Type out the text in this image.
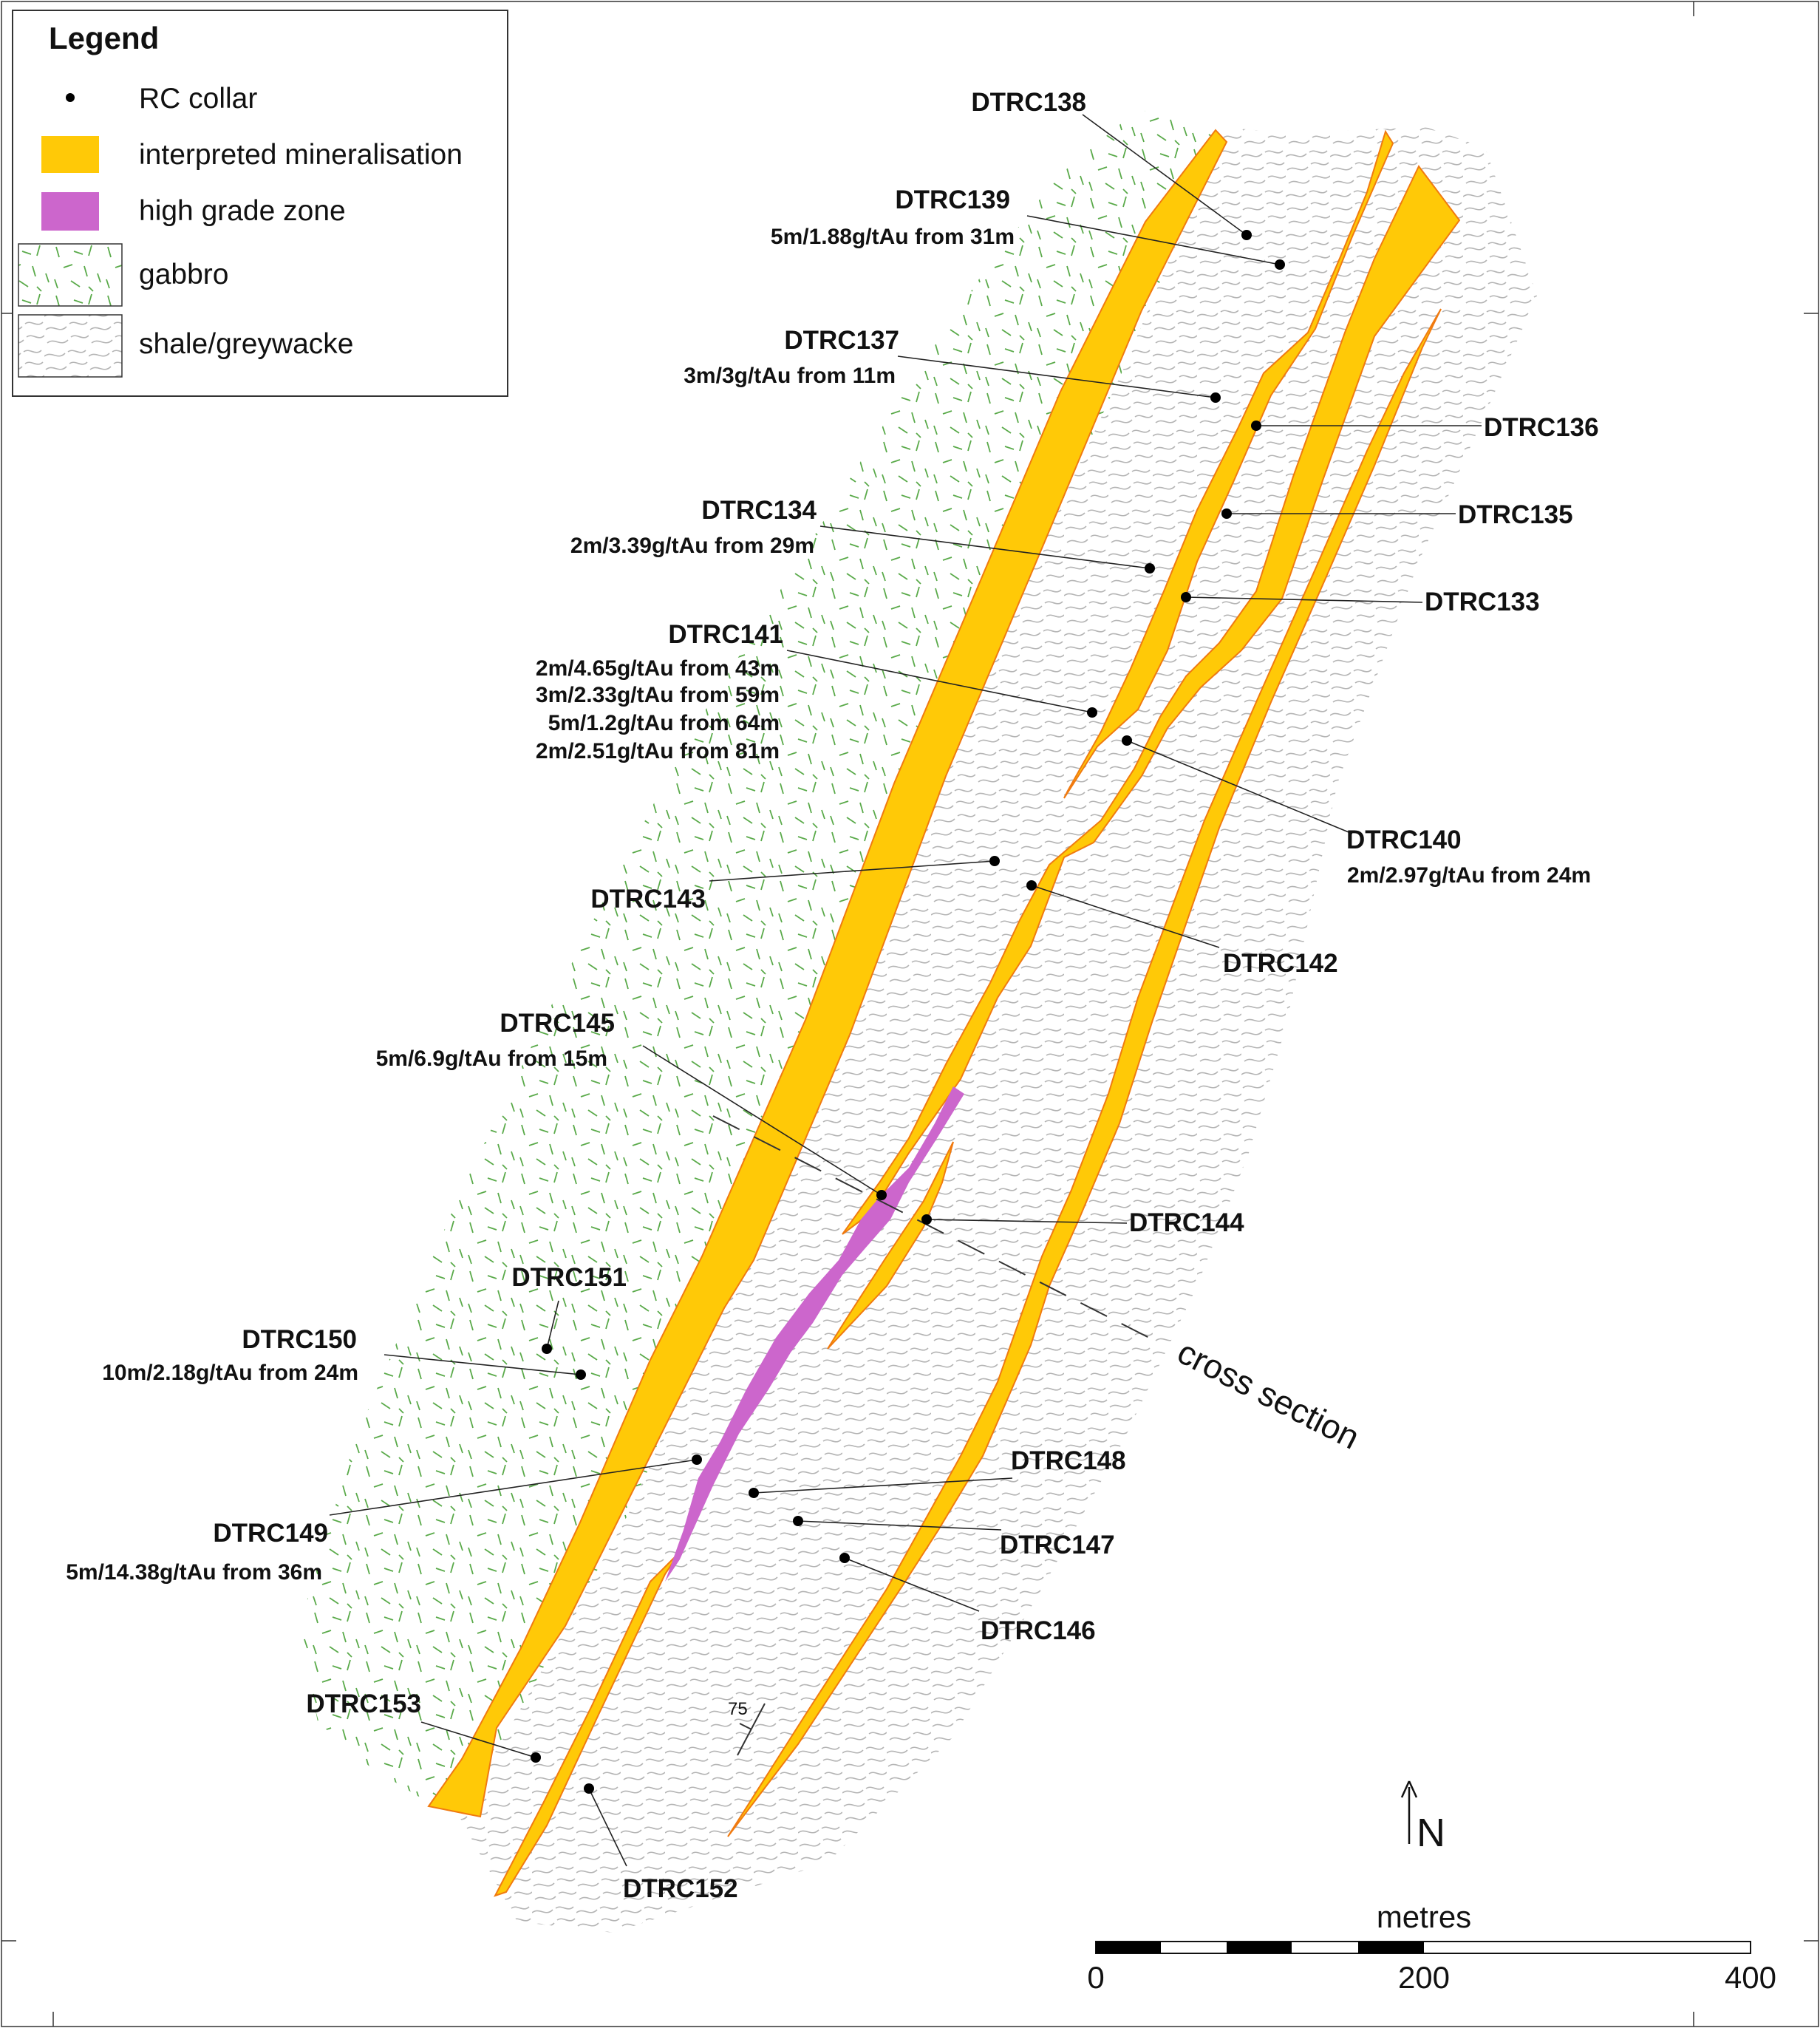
cross section
75
DTRC138
DTRC139
5m/1.88g/tAu from 31m
DTRC137
3m/3g/tAu from 11m
DTRC136
DTRC135
DTRC134
2m/3.39g/tAu from 29m
DTRC133
DTRC141
2m/4.65g/tAu from 43m
3m/2.33g/tAu from 59m
5m/1.2g/tAu from 64m
2m/2.51g/tAu from 81m
DTRC140
2m/2.97g/tAu from 24m
DTRC143
DTRC142
DTRC145
5m/6.9g/tAu from 15m
DTRC144
DTRC151
DTRC150
10m/2.18g/tAu from 24m
DTRC149
5m/14.38g/tAu from 36m
DTRC148
DTRC147
DTRC146
DTRC153
DTRC152
Legend
RC collar
interpreted mineralisation
high grade zone
gabbro
shale/greywacke
N
metres
0	200	400
